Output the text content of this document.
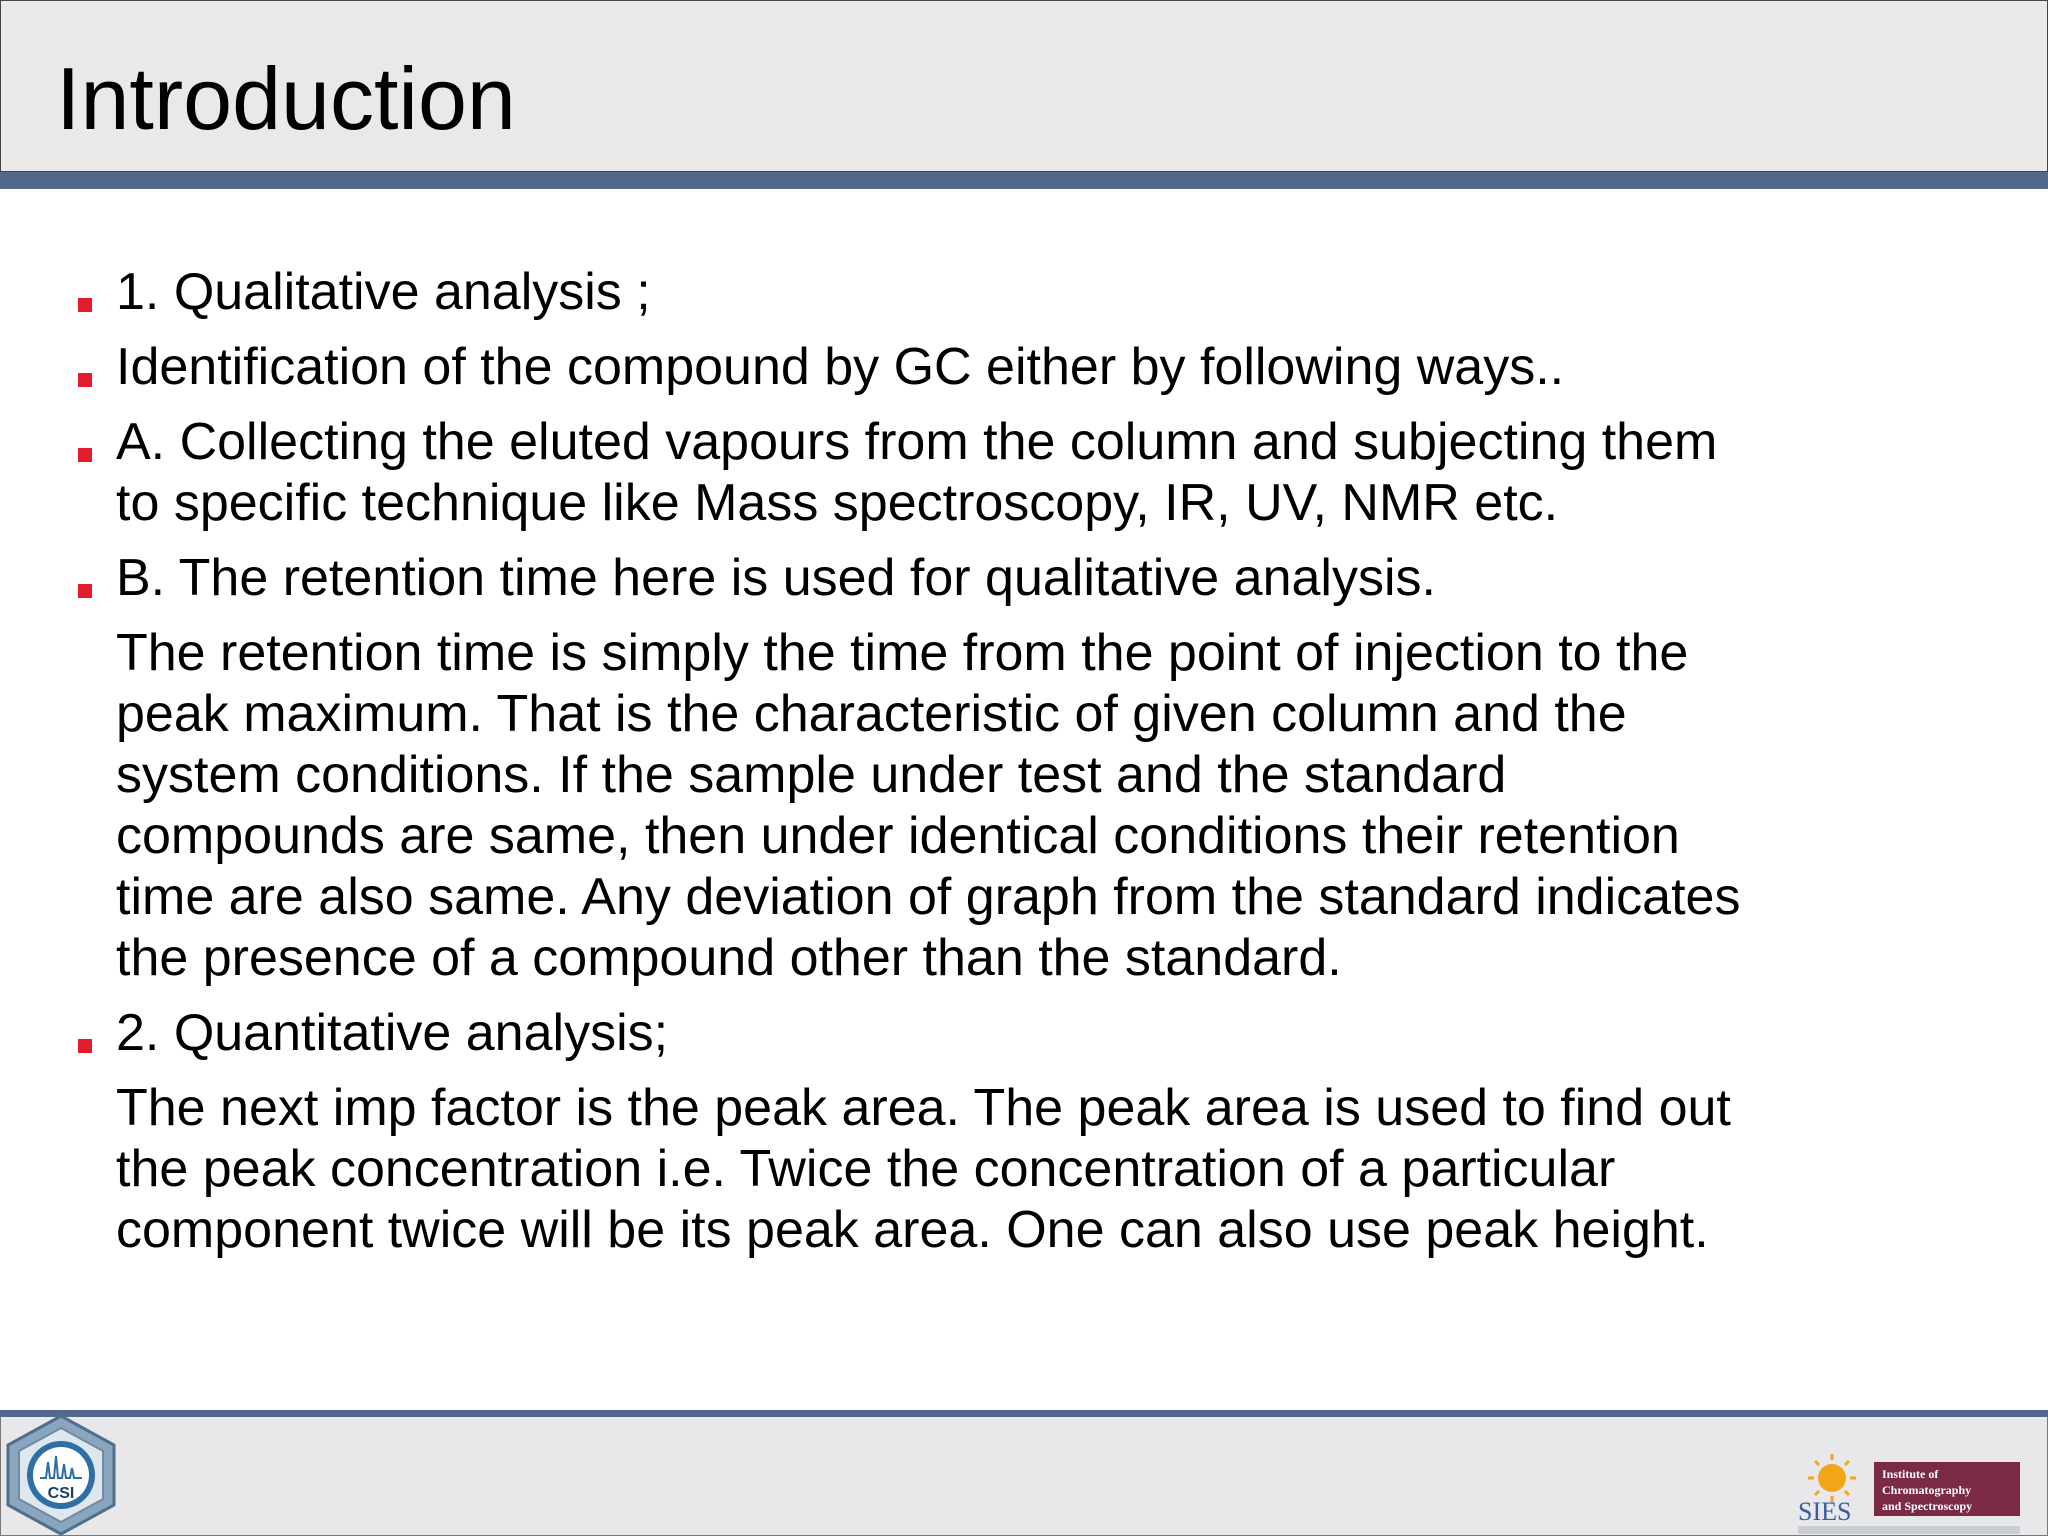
Introduction
1. Qualitative analysis ;
Identification of the compound by GC either by following ways..
A. Collecting the eluted vapours from the column and subjecting them
to specific technique like Mass spectroscopy, IR, UV, NMR etc.
B. The retention time here is used for qualitative analysis.
The retention time is simply the time from the point of injection to the
peak maximum. That is the characteristic of given column and the
system conditions. If the sample under test and the standard
compounds are same, then under identical conditions their retention
time are also same. Any deviation of graph from the standard indicates
the presence of a compound other than the standard.
2. Quantitative analysis;
The next imp factor is the peak area. The peak area is used to find out
the peak concentration i.e. Twice the concentration of a particular
component twice will be its peak area. One can also use peak height.
CSI
SIES
Institute of
Chromatography
and Spectroscopy
